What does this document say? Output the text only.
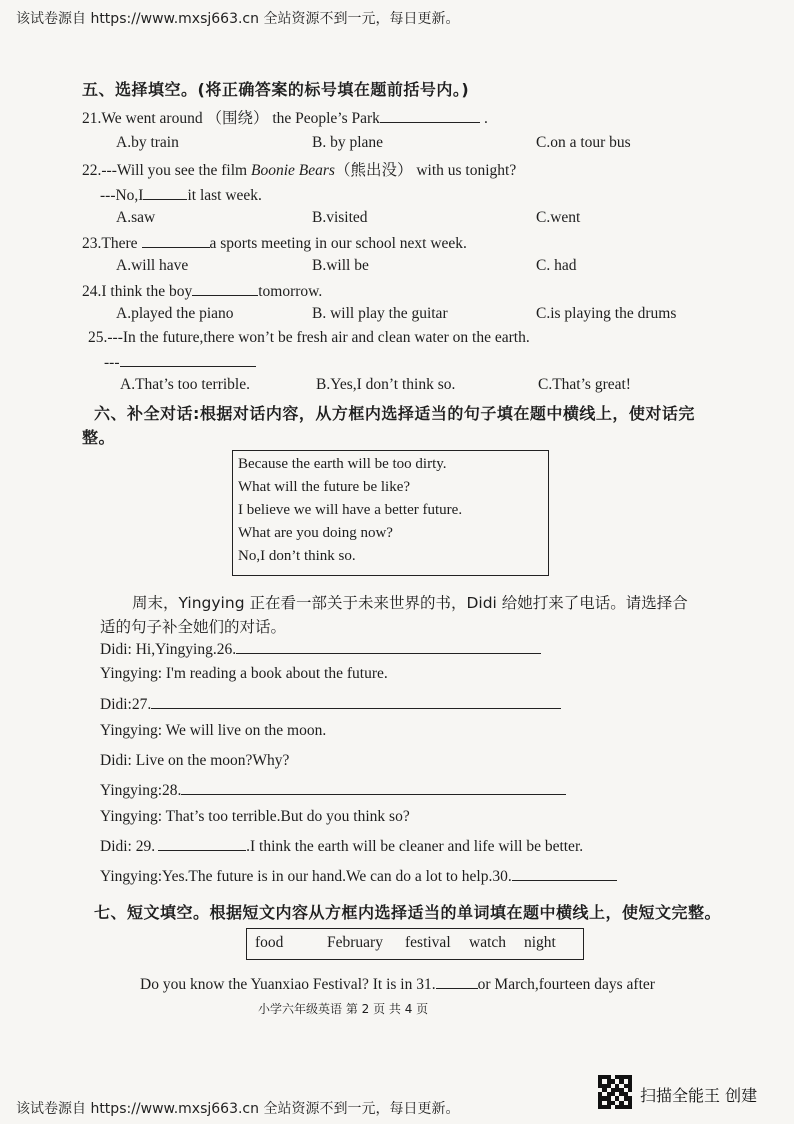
该试卷源自 https://www.mxsj663.cn 全站资源不到一元，每日更新。
五、选择填空。(将正确答案的标号填在题前括号内。)
21.We went around （围绕） the People’s Park	.
A.by train	B. by plane	C.on a tour bus
22.---Will you see the film Boonie Bears（熊出没） with us tonight?
---No,I	it last week.
A.saw	B.visited	C.went
23.There	a sports meeting in our school next week.
A.will have	B.will be	C. had
24.I think the boy	tomorrow.
A.played the piano	B. will play the guitar	C.is playing the drums
25.---In the future,there won’t be fresh air and clean water on the earth.
---
A.That’s too terrible.	B.Yes,I don’t think so.	C.That’s great!
六、补全对话:根据对话内容，从方框内选择适当的句子填在题中横线上，使对话完
整。
Because the earth will be too dirty.
What will the future be like?
I believe we will have a better future.
What are you doing now?
No,I don’t think so.
周末，Yingying 正在看一部关于未来世界的书，Didi 给她打来了电话。请选择合
适的句子补全她们的对话。
Didi: Hi,Yingying.26.
Yingying: I'm reading a book about the future.
Didi:27.
Yingying: We will live on the moon.
Didi: Live on the moon?Why?
Yingying:28.
Yingying: That’s too terrible.But do you think so?
Didi: 29.	.I think the earth will be cleaner and life will be better.
Yingying:Yes.The future is in our hand.We can do a lot to help.30.
七、短文填空。根据短文内容从方框内选择适当的单词填在题中横线上，使短文完整。
food	February festival watch night
Do you know the Yuanxiao Festival? It is in 31.	or March,fourteen days after
小学六年级英语 第 2 页 共 4 页
该试卷源自 https://www.mxsj663.cn 全站资源不到一元，每日更新。
扫描全能王 创建
